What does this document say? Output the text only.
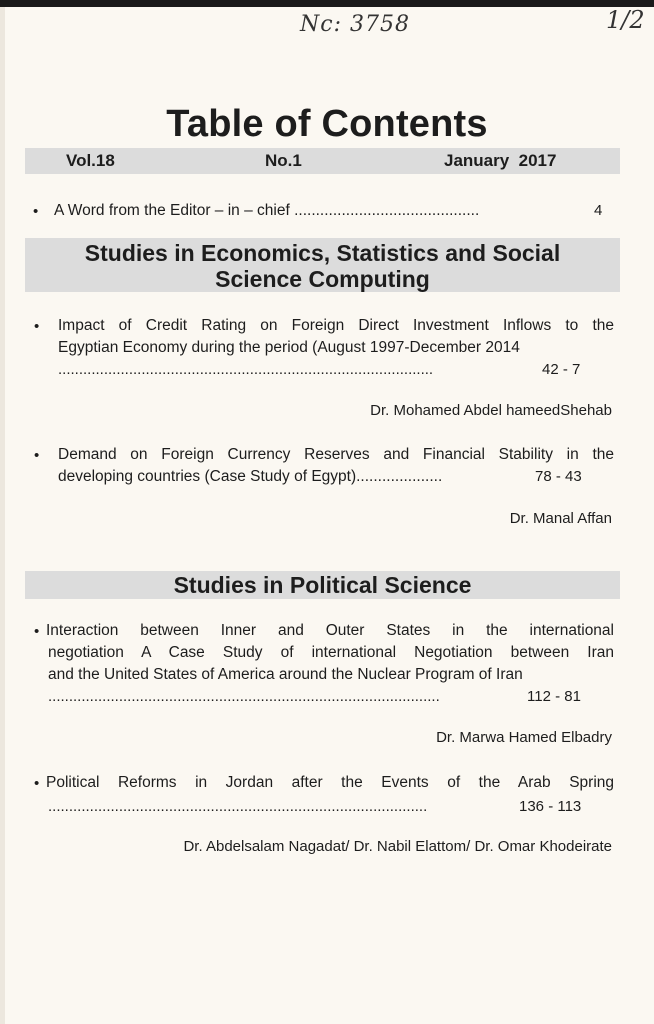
Nc: 3758	1/2
Table of Contents
Vol.18	No.1	January  2017
• A Word from the Editor – in – chief ...........................................	4
Studies in Economics, Statistics and Social
Science Computing
• Impact of Credit Rating on Foreign Direct Investment Inflows to the
Egyptian Economy during the period (August 1997-December 2014
..........................................................................................	42 - 7
Dr. Mohamed Abdel hameedShehab
• Demand on Foreign Currency Reserves and Financial Stability in the
developing countries (Case Study of Egypt)....................	78 - 43
Dr. Manal Affan
Studies in Political Science
• Interaction between Inner and Outer States in the international
negotiation A Case Study of international Negotiation between Iran
and the United States of America around the Nuclear Program of Iran
..............................................................................................	112 - 81
Dr. Marwa Hamed Elbadry
• Political Reforms in Jordan after the Events of the Arab Spring
...........................................................................................	136 - 113
Dr. Abdelsalam Nagadat/ Dr. Nabil Elattom/ Dr. Omar Khodeirate
